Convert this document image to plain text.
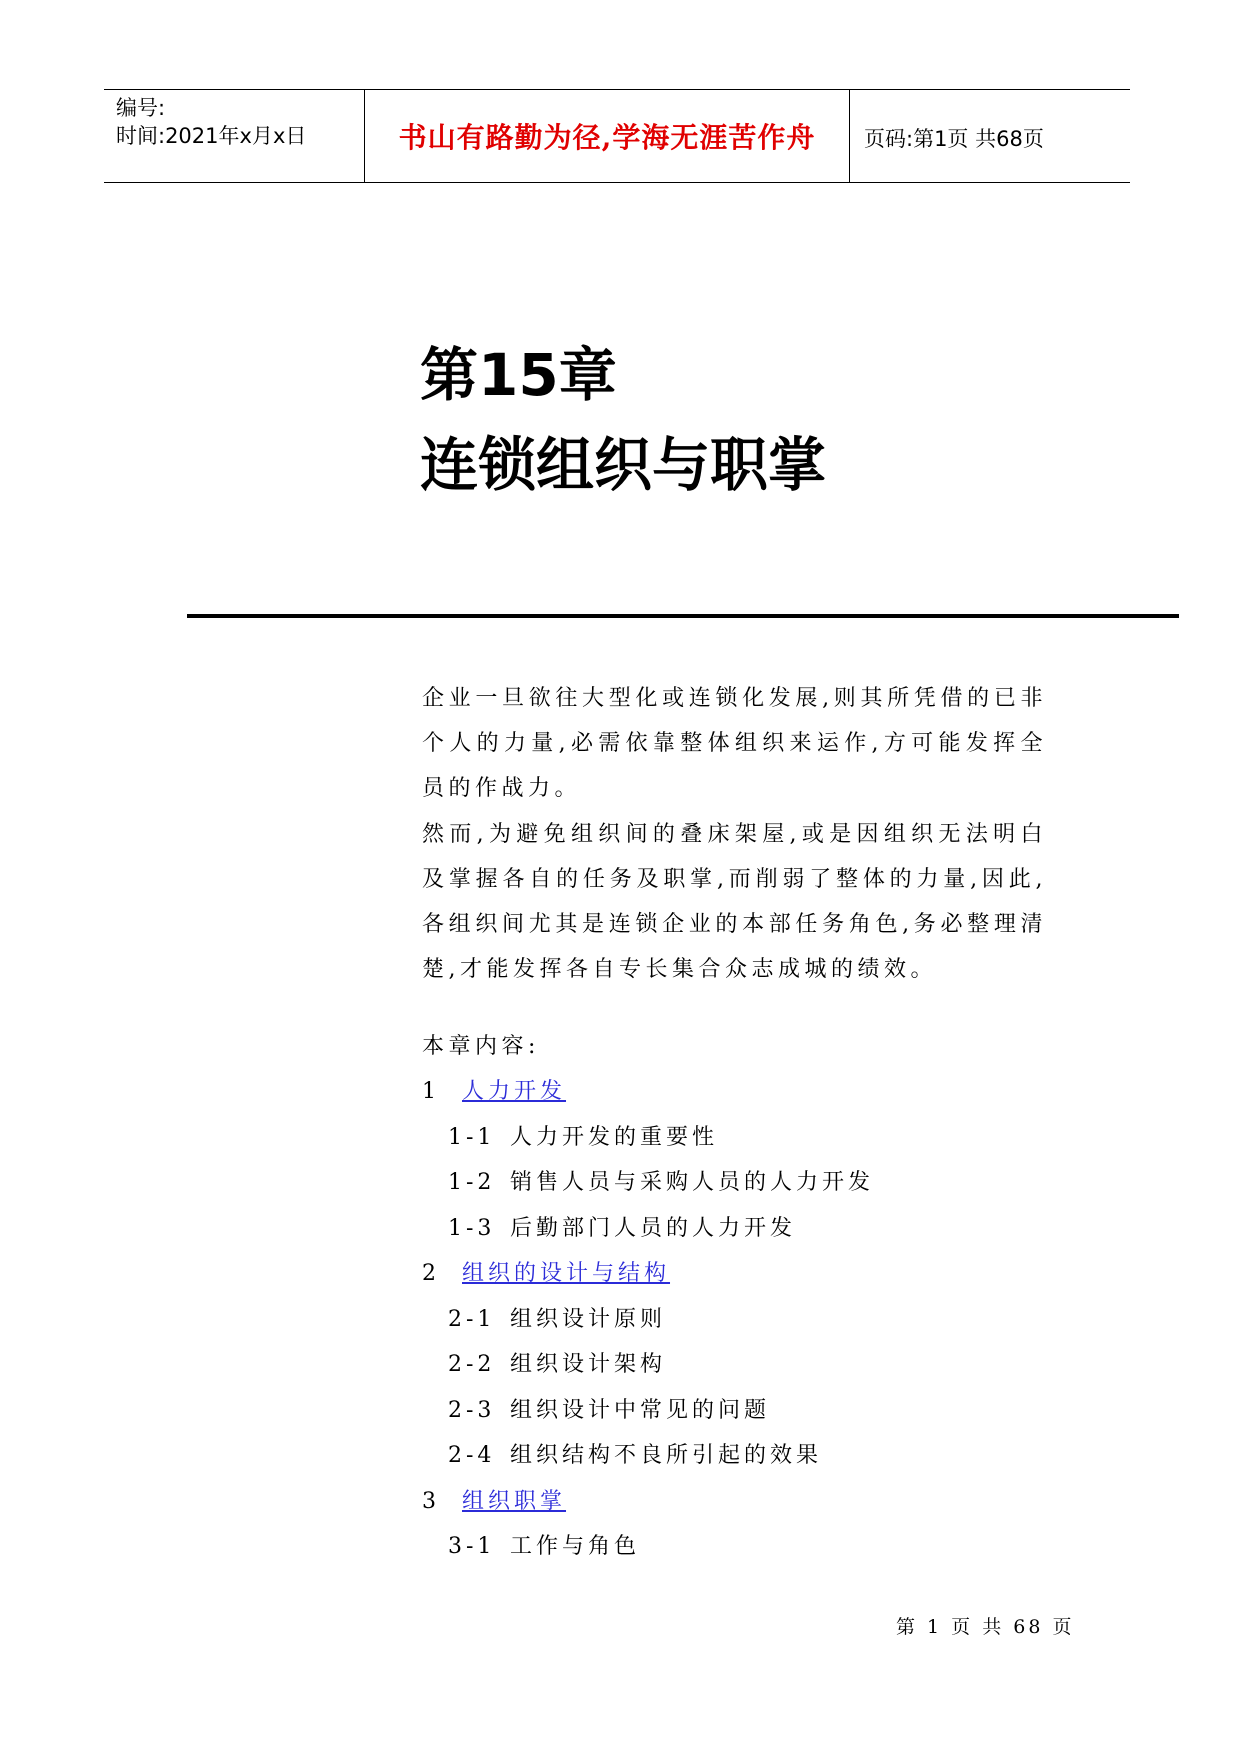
编号:
时间:2021年x月x日	书山有路勤为径,学海无涯苦作舟	页码:第1页 共68页
第15章
连锁组织与职掌

企业一旦欲往大型化或连锁化发展,则其所凭借的已非个人的力量,必需依靠整体组织来运作,方可能发挥全员的作战力。

然而,为避免组织间的叠床架屋,或是因组织无法明白及掌握各自的任务及职掌,而削弱了整体的力量,因此,各组织间尤其是连锁企业的本部任务角色,务必整理清楚,才能发挥各自专长集合众志成城的绩效。

本章内容:
1 人力开发
1-1 人力开发的重要性
1-2 销售人员与采购人员的人力开发
1-3 后勤部门人员的人力开发
2 组织的设计与结构
2-1 组织设计原则
2-2 组织设计架构
2-3 组织设计中常见的问题
2-4 组织结构不良所引起的效果
3 组织职掌
3-1 工作与角色
第 1 页 共 68 页
